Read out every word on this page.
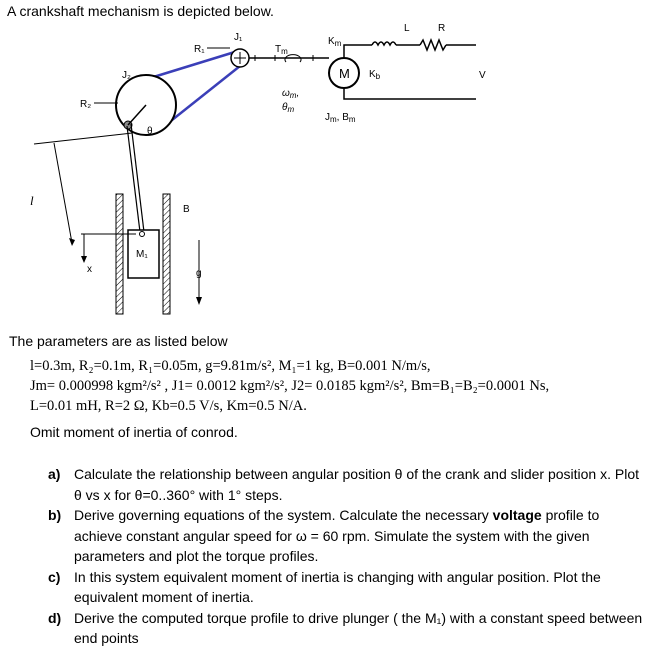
A crankshaft mechanism is depicted below.
M
R₁
J₁
J₂
R₂
θ
l
x
B
M₁
g
$T_m$
$K_m$
$K_b$
L	R
V
$\omega_m$,
$\theta_m$
$J_m$, $B_m$
The parameters are as listed below
l=0.3m, R₂=0.1m, R₁=0.05m, g=9.81m/s², M₁=1 kg, B=0.001 N/m/s,
Jm= 0.000998 kgm²/s² , J1= 0.0012 kgm²/s², J2= 0.0185 kgm²/s², Bm=B₁=B₂=0.0001 Ns,
L=0.01 mH, R=2 Ω, Kb=0.5 V/s, Km=0.5 N/A.
Omit moment of inertia of conrod.
a) Calculate the relationship between angular position θ of the crank and slider position x. Plot θ vs x for θ=0..360° with 1° steps.
b) Derive governing equations of the system. Calculate the necessary voltage profile to achieve constant angular speed for ω = 60 rpm. Simulate the system with the given parameters and plot the torque profiles.
c) In this system equivalent moment of inertia is changing with angular position. Plot the equivalent moment of inertia.
d) Derive the computed torque profile to drive plunger ( the M₁) with a constant speed between end points
